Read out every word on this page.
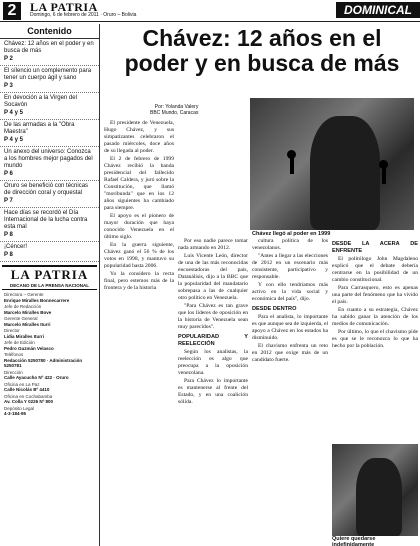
2	LA PATRIA
Domingo, 6 de febrero de 2011 · Oruro – Bolivia	DOMINICAL
Contenido
Chávez: 12 años en el poder y en busca de más
P 2
El sílencio un complemento para tener un cuerpo ágil y sano
P 3
En devoción a la Virgen del Socavón
P 4 y 5
De las armadas a la "Obra Maestra"
P 4 y 5
Un anexo del universo: Conozca a los hombres mejor pagados del mundo
P 6
Oruro se benefició con técnicas de dirección coral y orquestal
P 7
Hace días se recordó el Día Internacional de la lucha contra esta mal
P 8
¡Céncer!
P 8
LA PATRIA
DECANO DE LA PRENSA NACIONAL
Directora – Gerente
Enrique Miralles Bonnecarrere
Jefe de Redacción
Marcelo Miralles Bove
Gerente General
Marcelo Miralles Iturri
Director
Lidia Miralles Iturri
Jefe de Edición
Pedro Guzmán Velasco
Teléfonos
Redacción 5250780 · Administración 5250781
Dirección
Calle Ayacucho Nº 422 · Oruro
Oficina en La Paz
Calle Nicolás Bº 4410
Oficina en Cochabamba
Av. Colla Y 0226 Nº 800
Depósito Legal
4-3-184-95
Chávez: 12 años en el poder y en busca de más
Por: Yolanda Valery
BBC Mundo, Caracas
Chávez llegó al poder en 1999

El presidente de Venezuela, Hugo Chávez, y sus simpatizantes celebraron el pasado miércoles, doce años de su llegada al poder.

El 2 de febrero de 1999 Chávez recibió la banda presidencial del fallecido Rafael Caldera, y juró sobre la Constitución, que llamó "moribunda" que en los 12 años siguientes ha cambiado para siempre.

El apoyo es el pionero de mayor duración que haya conocido Venezuela en el último siglo.

En la guerra siguiente, Chávez ganó el 56 % de los votos en 1998, y mantuvo su popularidad hasta 2006.

Yo la considero la recta final, pero estemos más de la frontera y de la historia

Por eso nadie parece tomar nada armando en 2012.

Luis Vicente León, director de una de las más reconocidas encuestadoras del país, Datanálisis, dijo a la BBC que la popularidad del mandatario sobrepasa a las de cualquier otro político en Venezuela.

"Para Chávez es tan grave que los líderes de oposición en la historia de Venezuela sean muy parecidos".

POPULARIDAD Y REELECCIÓN

Según los analistas, la reelección es algo que preocupa a la oposición venezolana.

Para Chávez lo importante es mantenerse al frente del Estado, y en una coalición sólida.

cultura política de los venezolanos.

"Antes a llegar a las elecciones de 2012 en un escenario más consistente, participativo y responsable.

Y con ello tendríamos más activo en la vida social y económica del país", dijo.

DESDE DENTRO

Para el analista, lo importante es que aunque sea de izquierda, el apoyo a Chávez en los estados ha disminuido.

El chavismo enfrenta un reto en 2012 que exige más de un candidato fuerte.

DESDE LA ACERA DE ENFRENTE

El politólogo John Magdaleno explicó que el debate debería centrarse en la posibilidad de un cambio constitucional.

Para Carrasquero, esto es apenas una parte del fenómeno que ha vivido el país.

En cuanto a su estrategia, Chávez ha sabido ganar la atención de los medios de comunicación.

Por último, lo que el chavismo pide es que se le reconozca lo que ha hecho por la población.

Quiere quedarse indefinidamente
